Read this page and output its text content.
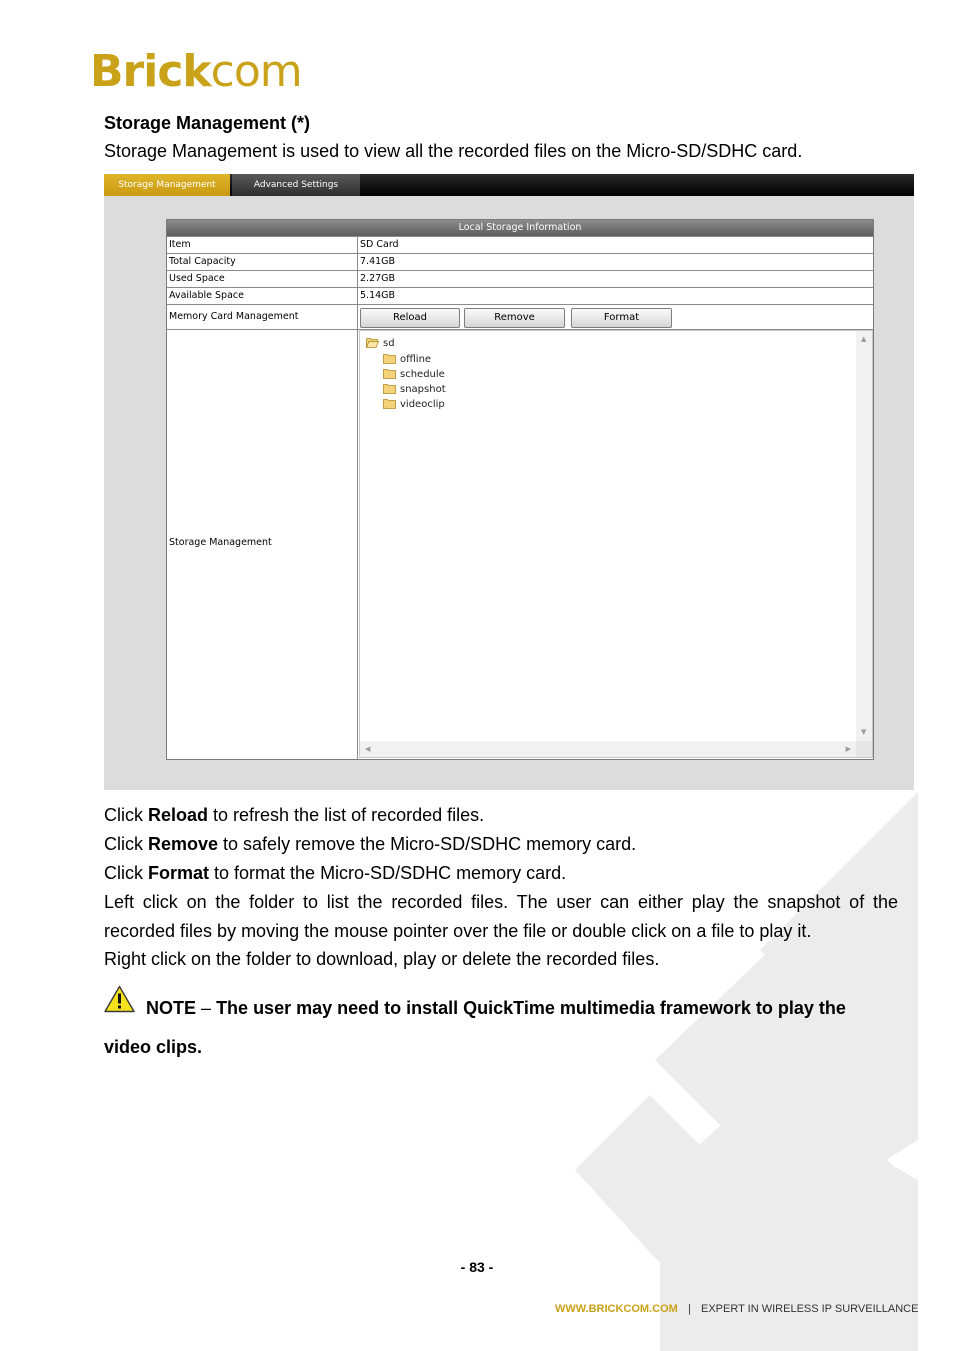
Brick com
Storage Management (*)
Storage Management is used to view all the recorded files on the Micro-SD/SDHC card.
Storage Management	Advanced Settings
Local Storage Information
Item	SD Card
Total Capacity	7.41GB
Used Space	2.27GB
Available Space	5.14GB
Memory Card Management	Reload	Remove	Format
Storage Management
sd
offline
schedule
snapshot
videoclip
▲
▼
◀	▶
Click Reload to refresh the list of recorded files.
Click Remove to safely remove the Micro-SD/SDHC memory card.
Click Format to format the Micro-SD/SDHC memory card.
Left click on the folder to list the recorded files. The user can either play the snapshot of the
recorded files by moving the mouse pointer over the file or double click on a file to play it.
Right click on the folder to download, play or delete the recorded files.
NOTE – The user may need to install QuickTime multimedia framework to play the
video clips.
- 83 -
WWW.BRICKCOM.COM | EXPERT IN WIRELESS IP SURVEILLANCE
